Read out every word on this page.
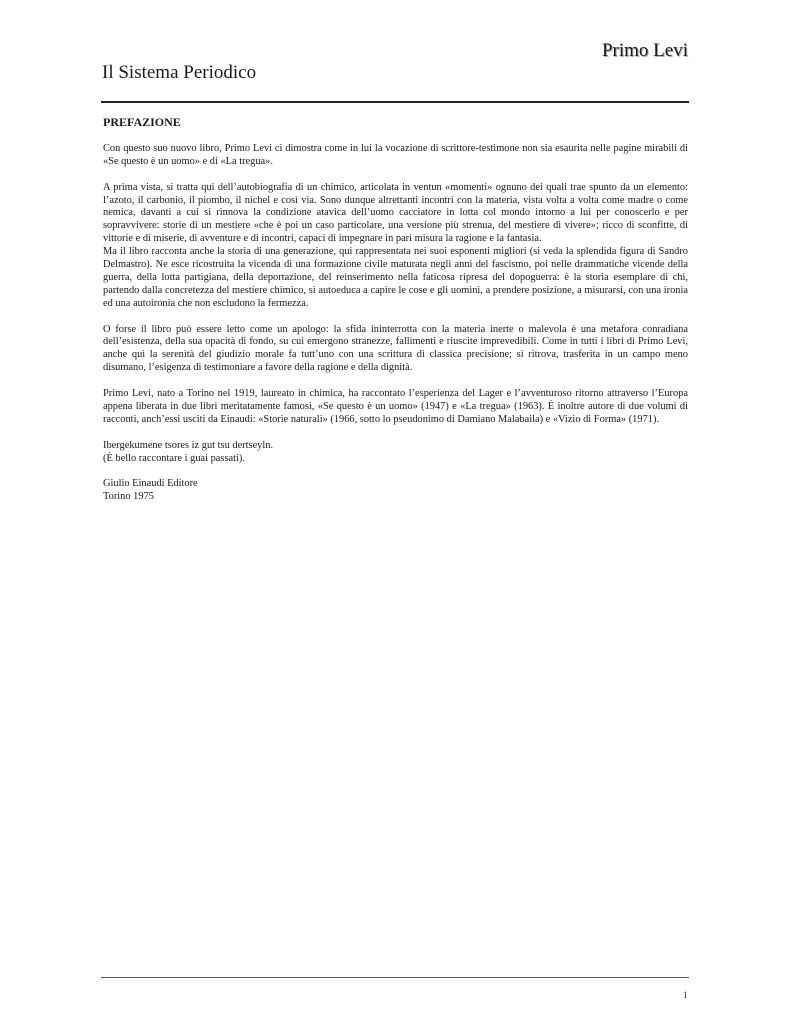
Primo Levi
Il Sistema Periodico
PREFAZIONE

Con questo suo nuovo libro, Primo Levi ci dimostra come in lui la vocazione di scrittore-testimone non sia esaurita nelle pagine mirabili di «Se questo è un uomo» e di «La tregua».

A prima vista, si tratta qui dell’autobiografia di un chimico, articolata in ventun «momenti» ognuno dei quali trae spunto da un elemento: l’azoto, il carbonio, il piombo, il nichel e così via. Sono dunque altrettanti incontri con la materia, vista volta a volta come madre o come nemica, davanti a cui si rinnova la condizione atavica dell’uomo cacciatore in lotta col mondo intorno a lui per conoscerlo e per sopravvivere: storie di un mestiere «che è poi un caso particolare, una versione più strenua, del mestiere di vivere»; ricco di sconfitte, di vittorie e di miserie, di avventure e di incontri, capaci di impegnare in pari misura la ragione e la fantasia.

Ma il libro racconta anche la storia di una generazione, qui rappresentata nei suoi esponenti migliori (si veda la splendida figura di Sandro Delmastro). Ne esce ricostruita la vicenda di una formazione civile maturata negli anni del fascismo, poi nelle drammatiche vicende della guerra, della lotta partigiana, della deportazione, del reinserimento nella faticosa ripresa del dopoguerra: è la storia esemplare di chi, partendo dalla concretezza del mestiere chimico, si autoeduca a capire le cose e gli uomini, a prendere posizione, a misurarsi, con una ironia ed una autoironia che non escludono la fermezza.

O forse il libro può essere letto come un apologo: la sfida ininterrotta con la materia inerte o malevola è una metafora conradiana dell’esistenza, della sua opacità di fondo, su cui emergono stranezze, fallimenti e riuscite imprevedibili. Come in tutti i libri di Primo Levi, anche qui la serenità del giudizio morale fa tutt’uno con una scrittura di classica precisione; si ritrova, trasferita in un campo meno disumano, l’esigenza di testimoniare a favore della ragione e della dignità.

Primo Levi, nato a Torino nel 1919, laureato in chimica, ha raccontato l’esperienza del Lager e l’avventuroso ritorno attraverso l’Europa appena liberata in due libri meritatamente famosi, «Se questo è un uomo» (1947) e «La tregua» (1963). È inoltre autore di due volumi di racconti, anch’essi usciti da Einaudi: «Storie naturali» (1966, sotto lo pseudonimo di Damiano Malabaila) e «Vizio di Forma» (1971).

Ibergekumene tsores iz gut tsu dertseyln.
(È bello raccontare i guai passati).
Giulio Einaudi Editore
Torino 1975
1
